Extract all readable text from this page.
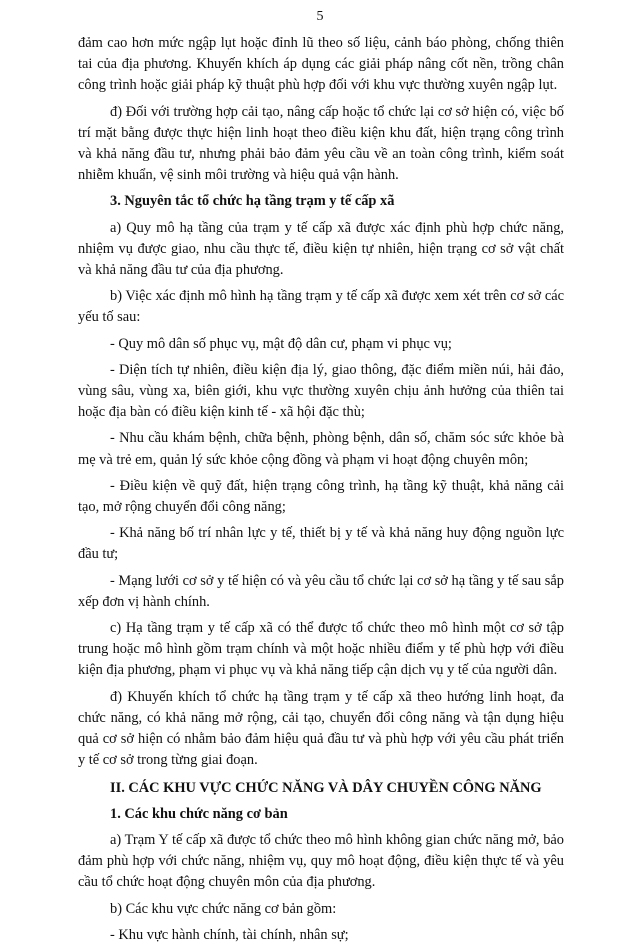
5

đảm cao hơn mức ngập lụt hoặc đỉnh lũ theo số liệu, cảnh báo phòng, chống thiên tai của địa phương. Khuyến khích áp dụng các giải pháp nâng cốt nền, trồng chân công trình hoặc giải pháp kỹ thuật phù hợp đối với khu vực thường xuyên ngập lụt.

đ) Đối với trường hợp cải tạo, nâng cấp hoặc tổ chức lại cơ sở hiện có, việc bố trí mặt bằng được thực hiện linh hoạt theo điều kiện khu đất, hiện trạng công trình và khả năng đầu tư, nhưng phải bảo đảm yêu cầu về an toàn công trình, kiểm soát nhiễm khuẩn, vệ sinh môi trường và hiệu quả vận hành.

3. Nguyên tắc tổ chức hạ tầng trạm y tế cấp xã

a) Quy mô hạ tầng của trạm y tế cấp xã được xác định phù hợp chức năng, nhiệm vụ được giao, nhu cầu thực tế, điều kiện tự nhiên, hiện trạng cơ sở vật chất và khả năng đầu tư của địa phương.

b) Việc xác định mô hình hạ tầng trạm y tế cấp xã được xem xét trên cơ sở các yếu tố sau:

- Quy mô dân số phục vụ, mật độ dân cư, phạm vi phục vụ;

- Diện tích tự nhiên, điều kiện địa lý, giao thông, đặc điểm miền núi, hải đảo, vùng sâu, vùng xa, biên giới, khu vực thường xuyên chịu ảnh hưởng của thiên tai hoặc địa bàn có điều kiện kinh tế - xã hội đặc thù;

- Nhu cầu khám bệnh, chữa bệnh, phòng bệnh, dân số, chăm sóc sức khỏe bà mẹ và trẻ em, quản lý sức khỏe cộng đồng và phạm vi hoạt động chuyên môn;

- Điều kiện về quỹ đất, hiện trạng công trình, hạ tầng kỹ thuật, khả năng cải tạo, mở rộng chuyển đổi công năng;

- Khả năng bố trí nhân lực y tế, thiết bị y tế và khả năng huy động nguồn lực đầu tư;

- Mạng lưới cơ sở y tế hiện có và yêu cầu tổ chức lại cơ sở hạ tầng y tế sau sắp xếp đơn vị hành chính.

c) Hạ tầng trạm y tế cấp xã có thể được tổ chức theo mô hình một cơ sở tập trung hoặc mô hình gồm trạm chính và một hoặc nhiều điểm y tế phù hợp với điều kiện địa phương, phạm vi phục vụ và khả năng tiếp cận dịch vụ y tế của người dân.

đ) Khuyến khích tổ chức hạ tầng trạm y tế cấp xã theo hướng linh hoạt, đa chức năng, có khả năng mở rộng, cải tạo, chuyển đổi công năng và tận dụng hiệu quả cơ sở hiện có nhằm bảo đảm hiệu quả đầu tư và phù hợp với yêu cầu phát triển y tế cơ sở trong từng giai đoạn.

II. CÁC KHU VỰC CHỨC NĂNG VÀ DÂY CHUYỀN CÔNG NĂNG

1. Các khu chức năng cơ bản

a) Trạm Y tế cấp xã được tổ chức theo mô hình không gian chức năng mở, bảo đảm phù hợp với chức năng, nhiệm vụ, quy mô hoạt động, điều kiện thực tế và yêu cầu tổ chức hoạt động chuyên môn của địa phương.

b) Các khu vực chức năng cơ bản gồm:

- Khu vực hành chính, tài chính, nhân sự;
